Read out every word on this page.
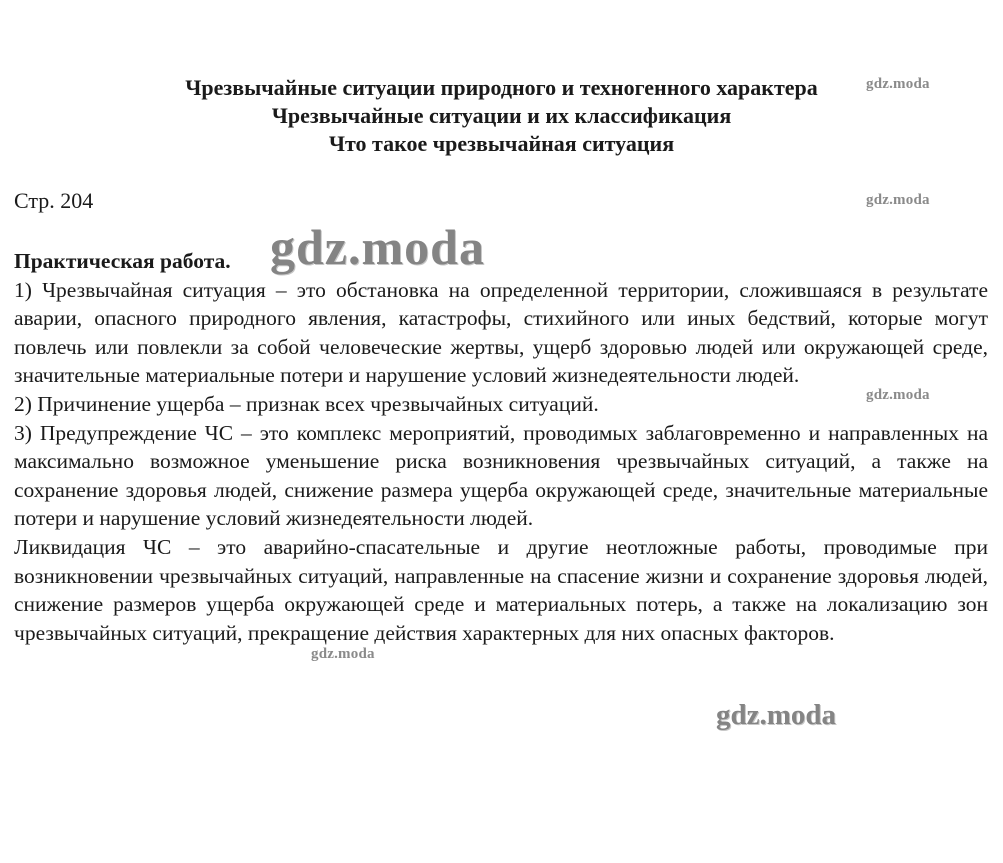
Чрезвычайные ситуации природного и техногенного характера
Чрезвычайные ситуации и их классификация
Что такое чрезвычайная ситуация
Стр. 204

Практическая работа.

1) Чрезвычайная ситуация – это обстановка на определенной территории, сложившаяся в результате аварии, опасного природного явления, катастрофы, стихийного или иных бедствий, которые могут повлечь или повлекли за собой человеческие жертвы, ущерб здоровью людей или окружающей среде, значительные материальные потери и нарушение условий жизнедеятельности людей.

2) Причинение ущерба – признак всех чрезвычайных ситуаций.

3) Предупреждение ЧС – это комплекс мероприятий, проводимых заблаговременно и направленных на максимально возможное уменьшение риска возникновения чрезвычайных ситуаций, а также на сохранение здоровья людей, снижение размера ущерба окружающей среде, значительные материальные потери и нарушение условий жизнедеятельности людей.

Ликвидация ЧС – это аварийно-спасательные и другие неотложные работы, проводимые при возникновении чрезвычайных ситуаций, направленные на спасение жизни и сохранение здоровья людей, снижение размеров ущерба окружающей среде и материальных потерь, а также на локализацию зон чрезвычайных ситуаций, прекращение действия характерных для них опасных факторов.

gdz.moda
gdz.moda
gdz.moda
gdz.moda
gdz.moda
gdz.moda
